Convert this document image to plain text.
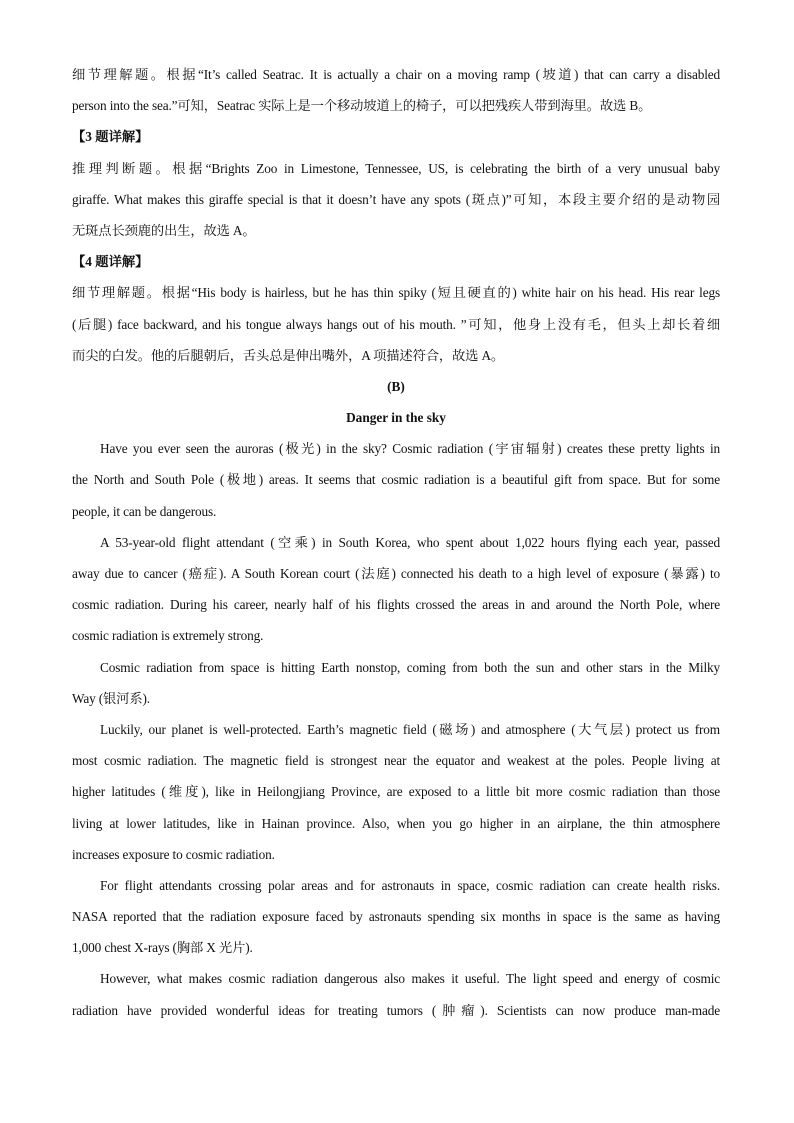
细节理解题。根据“It’s called Seatrac. It is actually a chair on a moving ramp (坡道) that can carry a disabled
person into the sea.”可知，Seatrac 实际上是一个移动坡道上的椅子，可以把残疾人带到海里。故选 B。
【3 题详解】
推理判断题。根据“Brights Zoo in Limestone, Tennessee, US, is celebrating the birth of a very unusual baby
giraffe. What makes this giraffe special is that it doesn’t have any spots (斑点)”可知，本段主要介绍的是动物园
无斑点长颈鹿的出生，故选 A。
【4 题详解】
细节理解题。根据“His body is hairless, but he has thin spiky (短且硬直的) white hair on his head. His rear legs
(后腿) face backward, and his tongue always hangs out of his mouth. ”可知，他身上没有毛，但头上却长着细
而尖的白发。他的后腿朝后，舌头总是伸出嘴外，A 项描述符合，故选 A。
(B)
Danger in the sky
Have you ever seen the auroras (极光) in the sky? Cosmic radiation (宇宙辐射) creates these pretty lights in
the North and South Pole (极地) areas. It seems that cosmic radiation is a beautiful gift from space. But for some
people, it can be dangerous.
A 53-year-old flight attendant (空乘) in South Korea, who spent about 1,022 hours flying each year, passed
away due to cancer (癌症). A South Korean court (法庭) connected his death to a high level of exposure (暴露) to
cosmic radiation. During his career, nearly half of his flights crossed the areas in and around the North Pole, where
cosmic radiation is extremely strong.
Cosmic radiation from space is hitting Earth nonstop, coming from both the sun and other stars in the Milky
Way (银河系).
Luckily, our planet is well-protected. Earth’s magnetic field (磁场) and atmosphere (大气层) protect us from
most cosmic radiation. The magnetic field is strongest near the equator and weakest at the poles. People living at
higher latitudes (维度), like in Heilongjiang Province, are exposed to a little bit more cosmic radiation than those
living at lower latitudes, like in Hainan province. Also, when you go higher in an airplane, the thin atmosphere
increases exposure to cosmic radiation.
For flight attendants crossing polar areas and for astronauts in space, cosmic radiation can create health risks.
NASA reported that the radiation exposure faced by astronauts spending six months in space is the same as having
1,000 chest X-rays (胸部 X 光片).
However, what makes cosmic radiation dangerous also makes it useful. The light speed and energy of cosmic
radiation have provided wonderful ideas for treating tumors (肿瘤). Scientists can now produce man-made
